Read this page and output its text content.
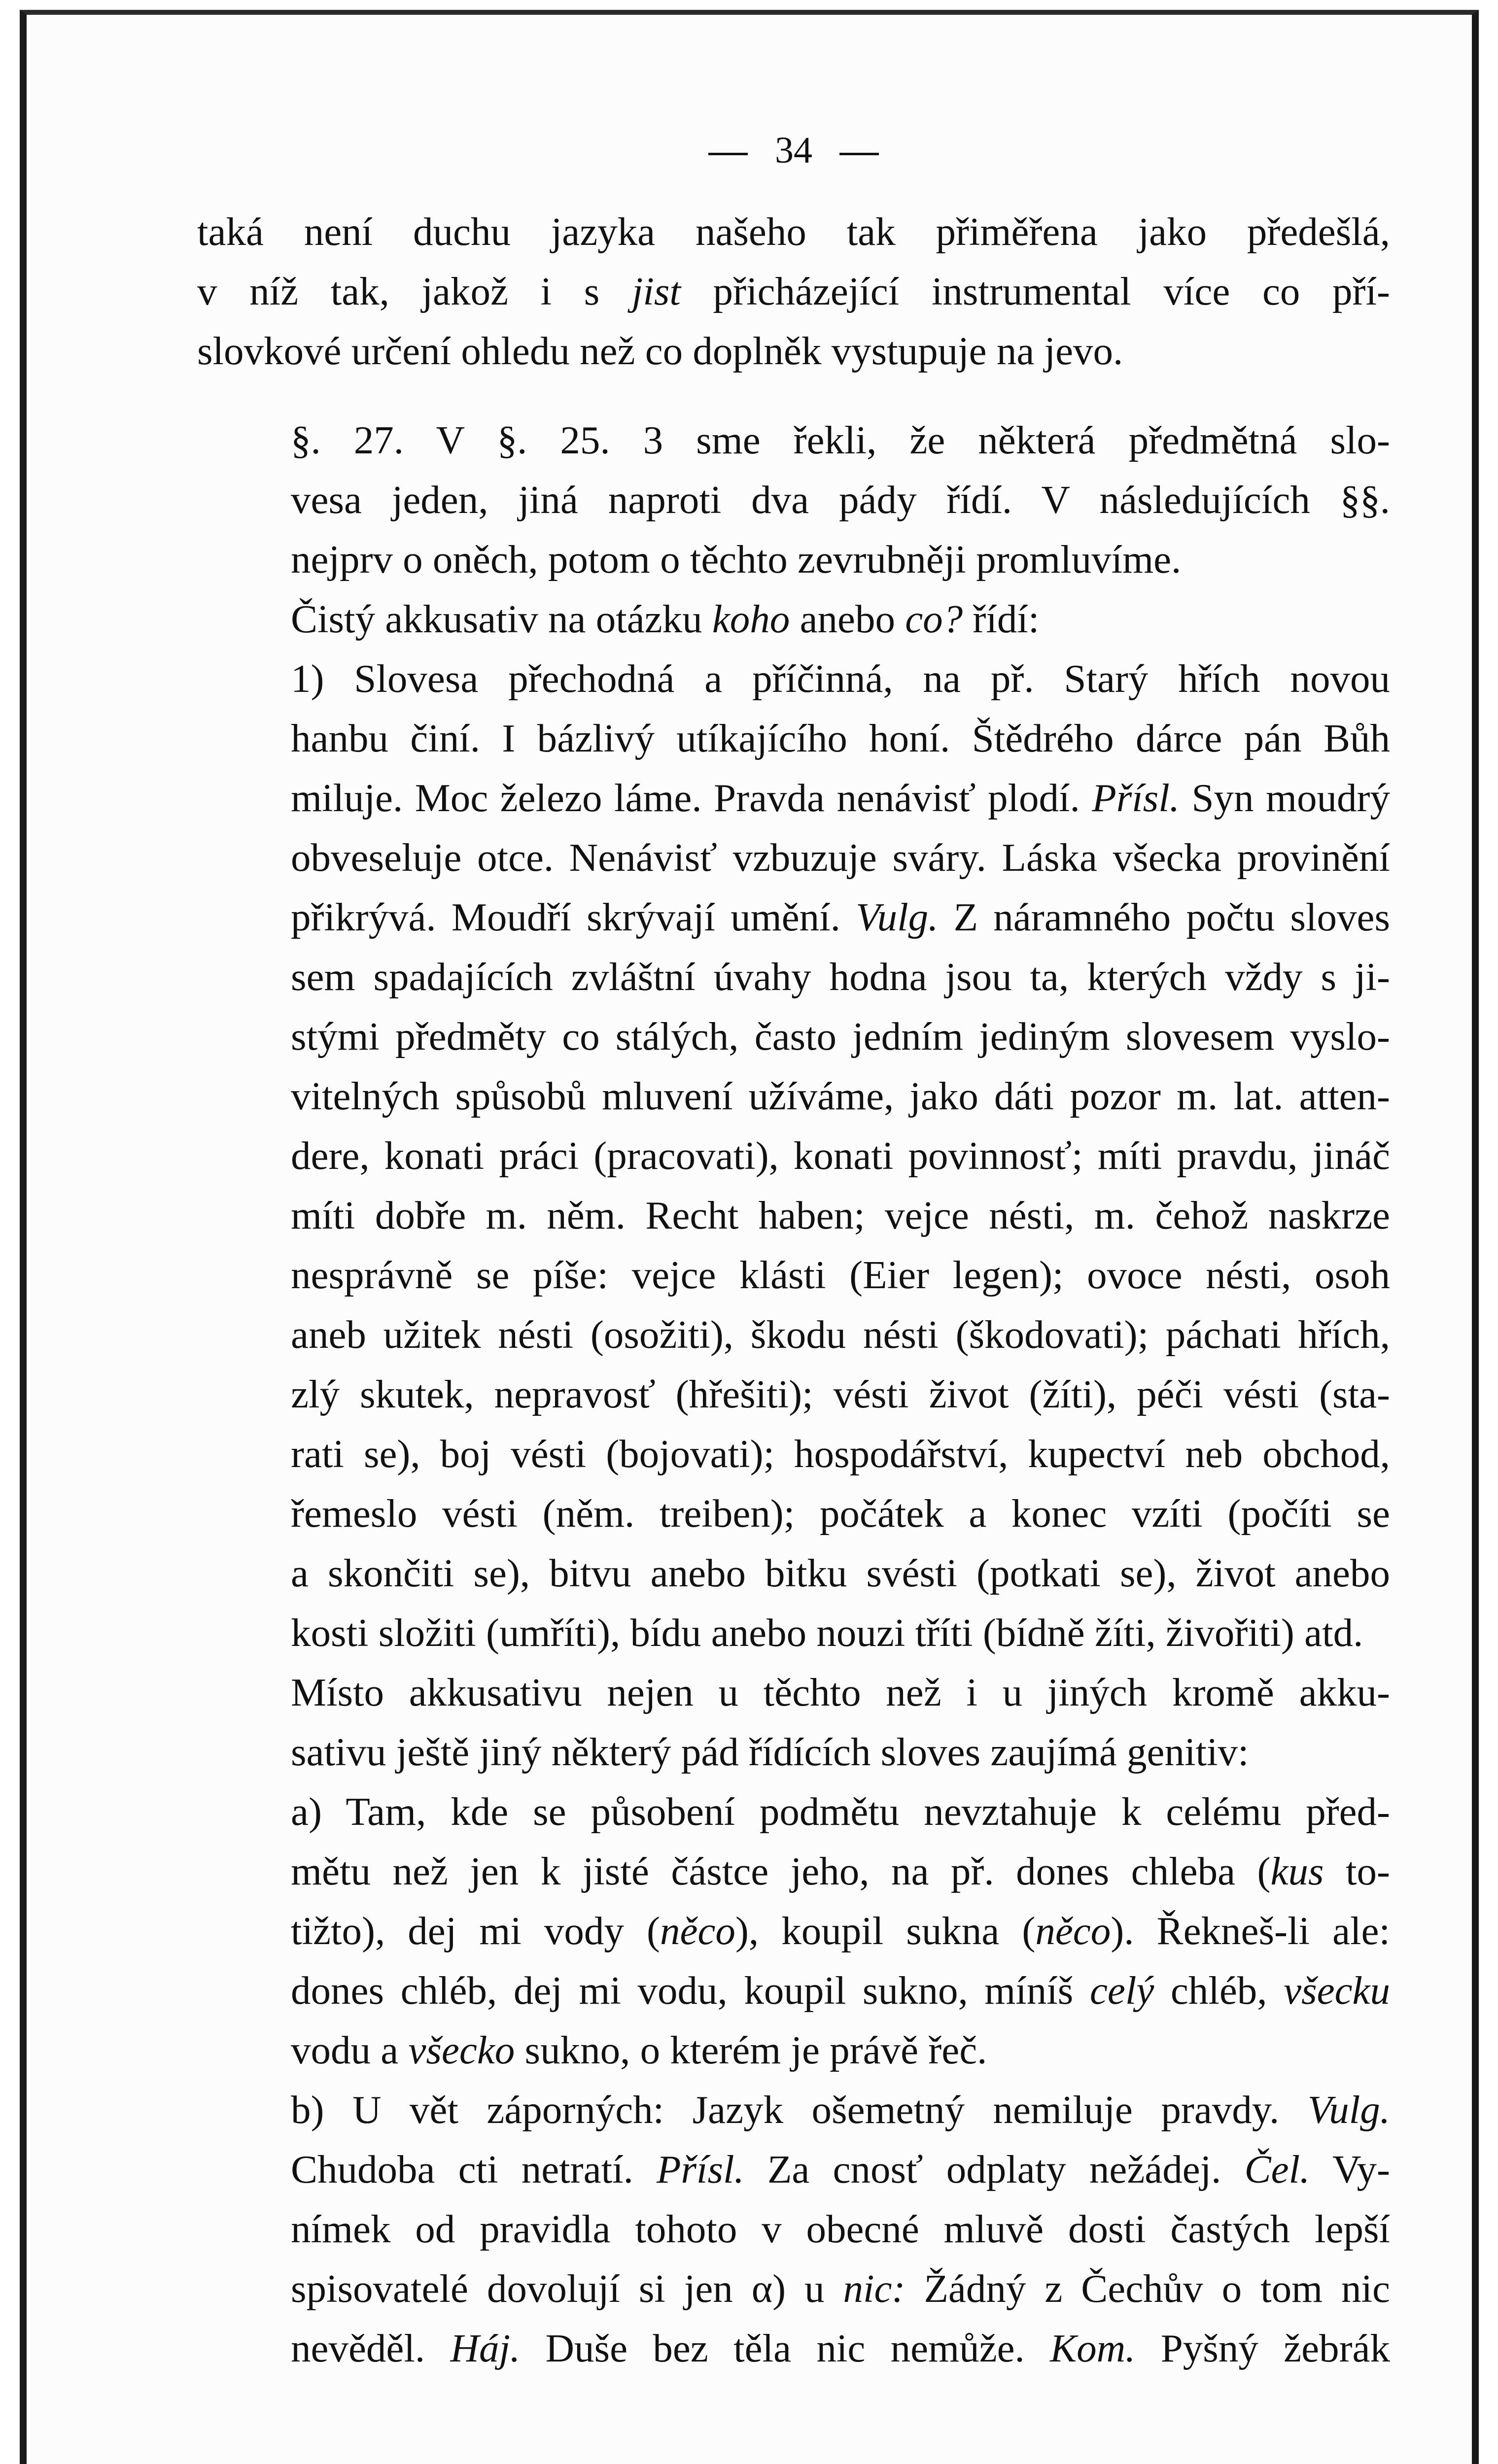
34

taká není duchu jazyka našeho tak přiměřena jako předešlá,
v níž tak, jakož i s jist přicházející instrumental více co pří-
slovkové určení ohledu než co doplněk vystupuje na jevo.

§. 27. V §. 25. 3 sme řekli, že některá předmětná slo-
vesa jeden, jiná naproti dva pády řídí. V následujících §§.
nejprv o oněch, potom o těchto zevrubněji promluvíme.

Čistý akkusativ na otázku koho anebo co? řídí:

1) Slovesa přechodná a příčinná, na př. Starý hřích novou
hanbu činí. I bázlivý utíkajícího honí. Štědrého dárce pán Bůh
miluje. Moc železo láme. Pravda nenávisť plodí. Přísl. Syn moudrý
obveseluje otce. Nenávisť vzbuzuje sváry. Láska všecka provinění
přikrývá. Moudří skrývají umění. Vulg. Z náramného počtu sloves
sem spadajících zvláštní úvahy hodna jsou ta, kterých vždy s ji-
stými předměty co stálých, často jedním jediným slovesem vyslo-
vitelných spůsobů mluvení užíváme, jako dáti pozor m. lat. atten-
dere, konati práci (pracovati), konati povinnosť; míti pravdu, jináč
míti dobře m. něm. Recht haben; vejce nésti, m. čehož naskrze
nesprávně se píše: vejce klásti (Eier legen); ovoce nésti, osoh
aneb užitek nésti (osožiti), škodu nésti (škodovati); páchati hřích,
zlý skutek, nepravosť (hřešiti); vésti život (žíti), péči vésti (sta-
rati se), boj vésti (bojovati); hospodářství, kupectví neb obchod,
řemeslo vésti (něm. treiben); počátek a konec vzíti (počíti se
a skončiti se), bitvu anebo bitku svésti (potkati se), život anebo
kosti složiti (umříti), bídu anebo nouzi tříti (bídně žíti, živořiti) atd.

Místo akkusativu nejen u těchto než i u jiných kromě akku-
sativu ještě jiný některý pád řídících sloves zaujímá genitiv:

a) Tam, kde se působení podmětu nevztahuje k celému před-
mětu než jen k jisté částce jeho, na př. dones chleba (kus to-
tižto), dej mi vody (něco), koupil sukna (něco). Řekneš-li ale:
dones chléb, dej mi vodu, koupil sukno, míníš celý chléb, všecku
vodu a všecko sukno, o kterém je právě řeč.

b) U vět záporných: Jazyk ošemetný nemiluje pravdy. Vulg.
Chudoba cti netratí. Přísl. Za cnosť odplaty nežádej. Čel. Vy-
nímek od pravidla tohoto v obecné mluvě dosti častých lepší
spisovatelé dovolují si jen α) u nic: Žádný z Čechův o tom nic
nevěděl. Háj. Duše bez těla nic nemůže. Kom. Pyšný žebrák
